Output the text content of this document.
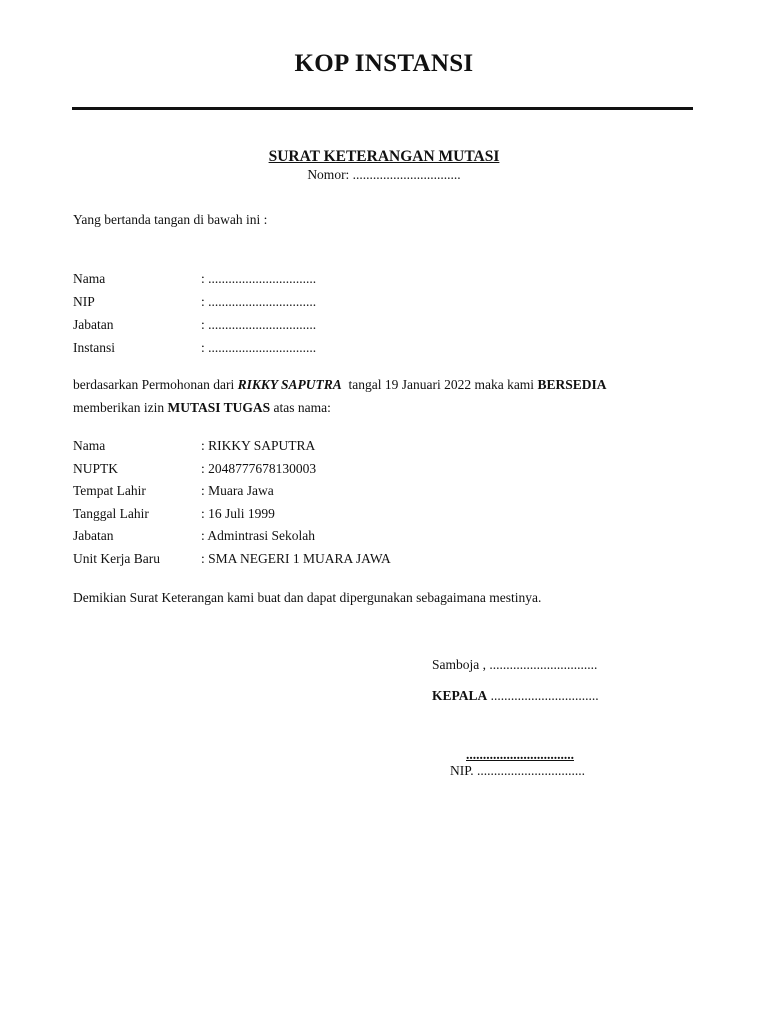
KOP INSTANSI
SURAT KETERANGAN MUTASI
Nomor: ................................
Yang bertanda tangan di bawah ini :
Nama	: ................................
NIP	: ................................
Jabatan	: ................................
Instansi	: ................................
berdasarkan Permohonan dari RIKKY SAPUTRA  tangal 19 Januari 2022 maka kami BERSEDIA
memberikan izin MUTASI TUGAS atas nama:
Nama	: RIKKY SAPUTRA
NUPTK	: 2048777678130003
Tempat Lahir	: Muara Jawa
Tanggal Lahir	: 16 Juli 1999
Jabatan	: Admintrasi Sekolah
Unit Kerja Baru	: SMA NEGERI 1 MUARA JAWA
Demikian Surat Keterangan kami buat dan dapat dipergunakan sebagaimana mestinya.
Samboja , ................................
KEPALA ................................
................................
NIP. ................................
